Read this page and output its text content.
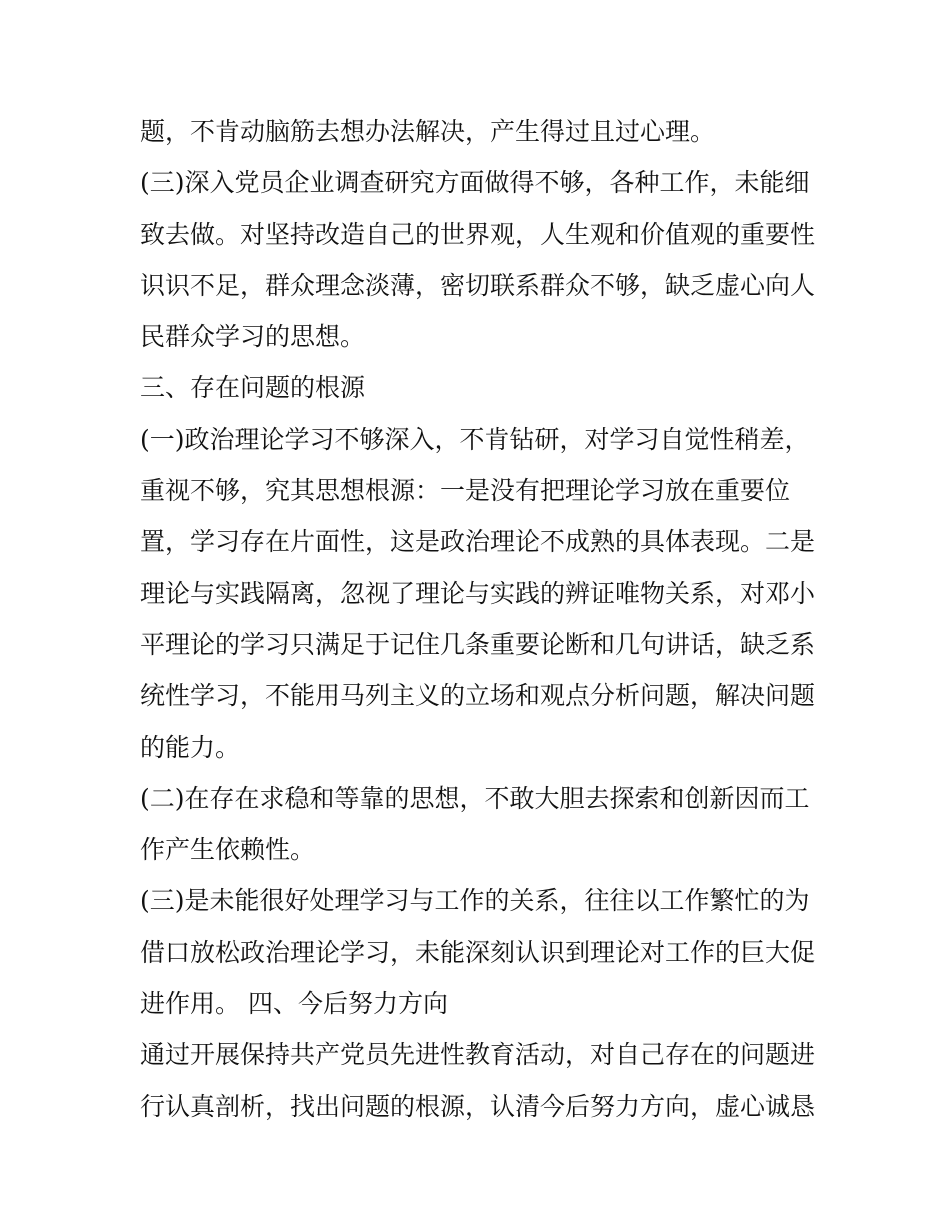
题，不肯动脑筋去想办法解决，产生得过且过心理。
(三)深入党员企业调查研究方面做得不够，各种工作，未能细
致去做。对坚持改造自己的世界观，人生观和价值观的重要性
识识不足，群众理念淡薄，密切联系群众不够，缺乏虚心向人
民群众学习的思想。
三、存在问题的根源
(一)政治理论学习不够深入，不肯钻研，对学习自觉性稍差，
重视不够，究其思想根源：一是没有把理论学习放在重要位
置，学习存在片面性，这是政治理论不成熟的具体表现。二是
理论与实践隔离，忽视了理论与实践的辨证唯物关系，对邓小
平理论的学习只满足于记住几条重要论断和几句讲话，缺乏系
统性学习，不能用马列主义的立场和观点分析问题，解决问题
的能力。
(二)在存在求稳和等靠的思想，不敢大胆去探索和创新因而工
作产生依赖性。
(三)是未能很好处理学习与工作的关系，往往以工作繁忙的为
借口放松政治理论学习，未能深刻认识到理论对工作的巨大促
进作用。 四、今后努力方向
通过开展保持共产党员先进性教育活动，对自己存在的问题进
行认真剖析，找出问题的根源，认清今后努力方向，虚心诚恳
